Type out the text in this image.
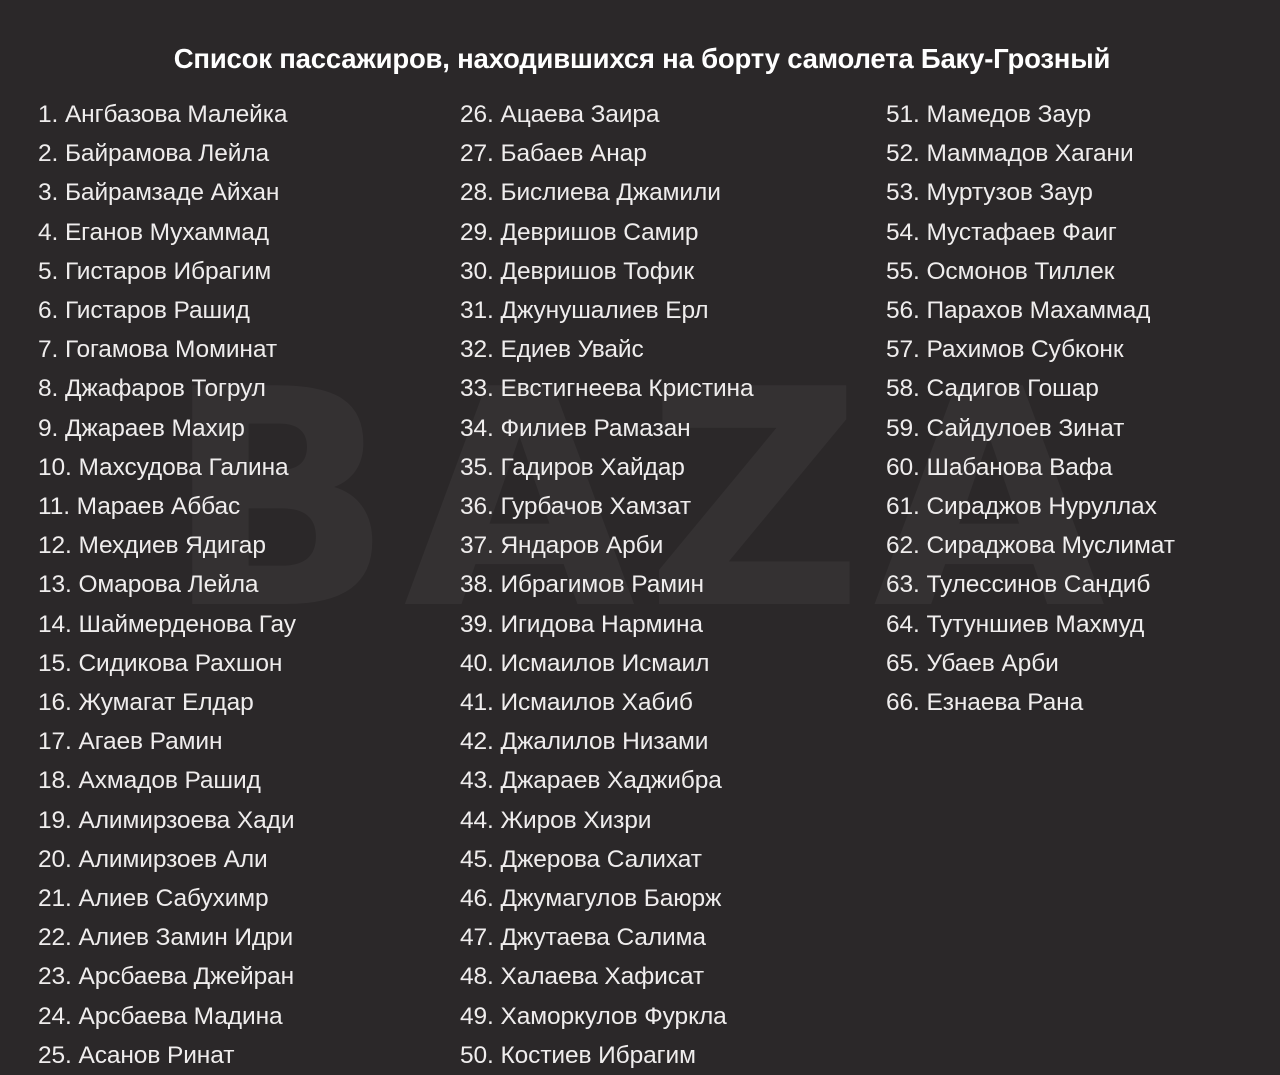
Список пассажиров, находившихся на борту самолета Баку-Грозный
1. Ангбазова Малейка
2. Байрамова Лейла
3. Байрамзаде Айхан
4. Еганов Мухаммад
5. Гистаров Ибрагим
6. Гистаров Рашид
7. Гогамова Моминат
8. Джафаров Тогрул
9. Джараев Махир
10. Махсудова Галина
11. Мараев Аббас
12. Мехдиев Ядигар
13. Омарова Лейла
14. Шаймерденова Гау
15. Сидикова Рахшон
16. Жумагат Елдар
17. Агаев Рамин
18. Ахмадов Рашид
19. Алимирзоева Хади
20. Алимирзоев Али
21. Алиев Сабухимр
22. Алиев Замин Идри
23. Арсбаева Джейран
24. Арсбаева Мадина
25. Асанов Ринат
26. Ацаева Заира
27. Бабаев Анар
28. Бислиева Джамили
29. Девришов Самир
30. Девришов Тофик
31. Джунушалиев Ерл
32. Едиев Увайс
33. Евстигнеева Кристина
34. Филиев Рамазан
35. Гадиров Хайдар
36. Гурбачов Хамзат
37. Яндаров Арби
38. Ибрагимов Рамин
39. Игидова Нармина
40. Исмаилов Исмаил
41. Исмаилов Хабиб
42. Джалилов Низами
43. Джараев Хаджибра
44. Жиров Хизри
45. Джерова Салихат
46. Джумагулов Баюрж
47. Джутаева Салима
48. Халаева Хафисат
49. Хаморкулов Фуркла
50. Костиев Ибрагим
51. Мамедов Заур
52. Маммадов Хагани
53. Муртузов Заур
54. Мустафаев Фаиг
55. Осмонов Тиллек
56. Парахов Махаммад
57. Рахимов Субконк
58. Садигов Гошар
59. Сайдулоев Зинат
60. Шабанова Вафа
61. Сираджов Нуруллах
62. Сираджова Муслимат
63. Тулессинов Сандиб
64. Тутуншиев Махмуд
65. Убаев Арби
66. Езнаева Рана
